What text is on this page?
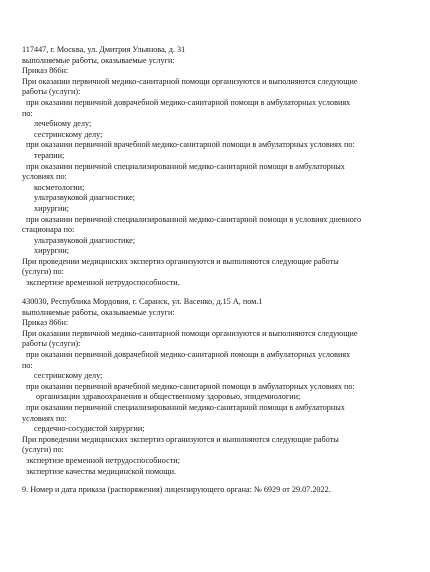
117447, г. Москва, ул. Дмитрия Ульянова, д. 31
выполняемые работы, оказываемые услуги:
Приказ 866н:
При оказании первичной медико-санитарной помощи организуются и выполняются следующие
работы (услуги):
при оказании первичной доврачебной медико-санитарной помощи в амбулаторных условиях
по:
лечебному делу;
сестринскому делу;
при оказании первичной врачебной медико-санитарной помощи в амбулаторных условиях по:
терапии;
при оказании первичной специализированной медико-санитарной помощи в амбулаторных
условиях по:
косметологии;
ультразвуковой диагностике;
хирургии;
при оказании первичной специализированной медико-санитарной помощи в условиях дневного
стационара по:
ультразвуковой диагностике;
хирургии;
При проведении медицинских экспертиз организуются и выполняются следующие работы
(услуги) по:
экспертизе временной нетрудоспособности.
430030, Республика Мордовия, г. Саранск, ул. Васенко, д.15 А, пом.1
выполняемые работы, оказываемые услуги:
Приказ 866н:
При оказании первичной медико-санитарной помощи организуются и выполняются следующие
работы (услуги):
при оказании первичной доврачебной медико-санитарной помощи в амбулаторных условиях
по:
сестринскому делу;
при оказании первичной врачебной медико-санитарной помощи в амбулаторных условиях по:
организации здравоохранения и общественному здоровью, эпидемиологии;
при оказании первичной специализированной медико-санитарной помощи в амбулаторных
условиях по:
сердечно-сосудистой хирургии;
При проведении медицинских экспертиз организуются и выполняются следующие работы
(услуги) по:
экспертизе временной нетрудоспособности;
экспертизе качества медицинской помощи.
9. Номер и дата приказа (распоряжения) лицензирующего органа: № 6929 от 29.07.2022.
